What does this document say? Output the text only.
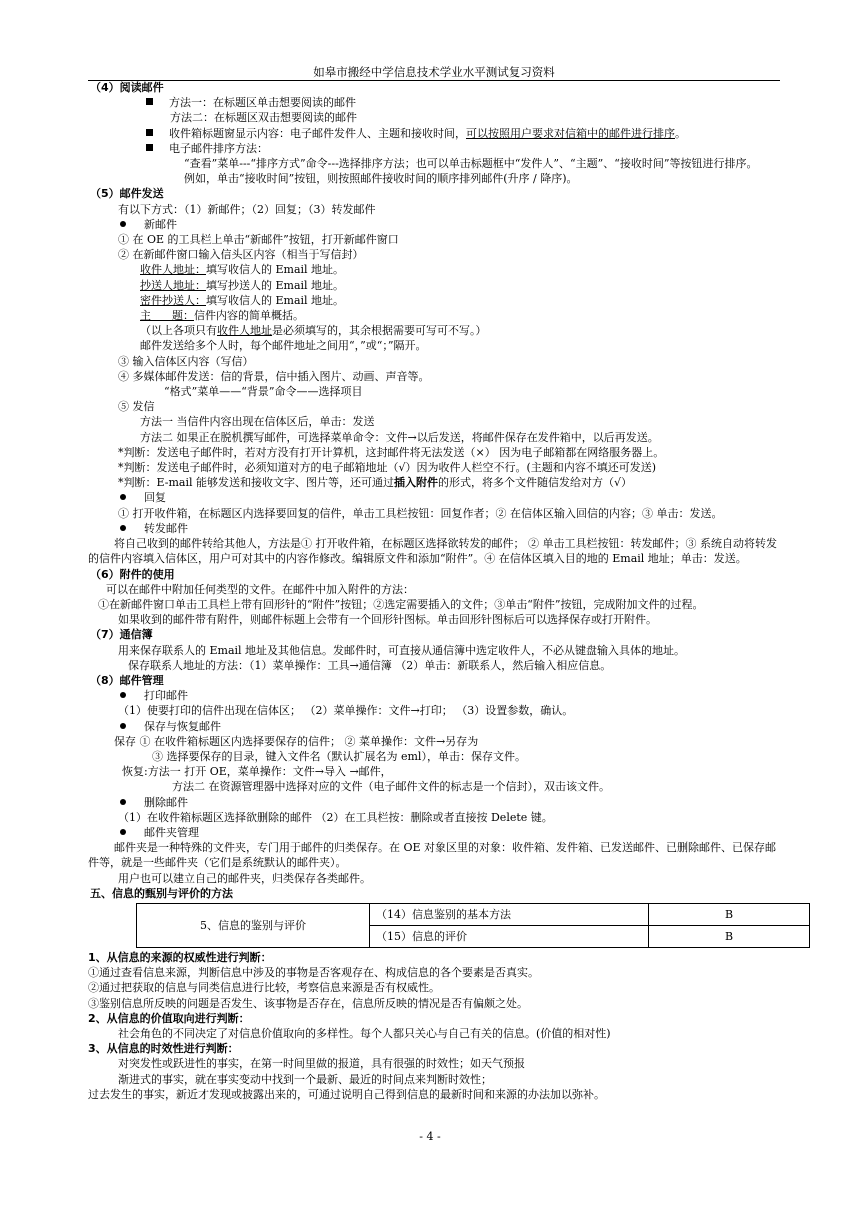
如皋市搬经中学信息技术学业水平测试复习资料
（4）阅读邮件
方法一：在标题区单击想要阅读的邮件
方法二：在标题区双击想要阅读的邮件
收件箱标题窗显示内容：电子邮件发件人、主题和接收时间，可以按照用户要求对信箱中的邮件进行排序。
电子邮件排序方法：
“查看”菜单---“排序方式”命令---选择排序方法；也可以单击标题框中“发件人”、“主题”、“接收时间”等按钮进行排序。
例如，单击“接收时间”按钮，则按照邮件接收时间的顺序排列邮件(升序 / 降序)。
（5）邮件发送
有以下方式：（1）新邮件；（2）回复；（3）转发邮件
新邮件
① 在 OE 的工具栏上单击“新邮件”按钮，打开新邮件窗口
② 在新邮件窗口输入信头区内容（相当于写信封）
收件人地址：填写收信人的 Email 地址。
抄送人地址：填写抄送人的 Email 地址。
密件抄送人：填写收信人的 Email 地址。
主      题：信件内容的简单概括。
（以上各项只有收件人地址是必须填写的，其余根据需要可写可不写。）
邮件发送给多个人时，每个邮件地址之间用“，”或“；”隔开。
③ 输入信体区内容（写信）
④ 多媒体邮件发送：信的背景，信中插入图片、动画、声音等。
“格式”菜单——“背景”命令——选择项目
⑤ 发信
方法一 当信件内容出现在信体区后，单击：发送
方法二 如果正在脱机撰写邮件，可选择菜单命令：文件→以后发送，将邮件保存在发件箱中，以后再发送。
*判断：发送电子邮件时，若对方没有打开计算机，这封邮件将无法发送（×） 因为电子邮箱都在网络服务器上。
*判断：发送电子邮件时，必须知道对方的电子邮箱地址（√）因为收件人栏空不行。(主题和内容不填还可发送)
*判断：E-mail 能够发送和接收文字、图片等，还可通过插入附件的形式，将多个文件随信发给对方（√）
回复
① 打开收件箱，在标题区内选择要回复的信件，单击工具栏按钮：回复作者；② 在信体区输入回信的内容；③ 单击：发送。
转发邮件
将自己收到的邮件转给其他人，方法是① 打开收件箱，在标题区选择欲转发的邮件； ② 单击工具栏按钮：转发邮件；③ 系统自动将转发的信件内容填入信体区，用户可对其中的内容作修改。编辑原文件和添加“附件”。④ 在信体区填入目的地的 Email 地址；单击：发送。
（6）附件的使用
可以在邮件中附加任何类型的文件。在邮件中加入附件的方法：
①在新邮件窗口单击工具栏上带有回形针的“附件”按钮；②选定需要插入的文件；③单击“附件”按钮，完成附加文件的过程。
如果收到的邮件带有附件，则邮件标题上会带有一个回形针图标。单击回形针图标后可以选择保存或打开附件。
（7）通信簿
用来保存联系人的 Email 地址及其他信息。发邮件时，可直接从通信簿中选定收件人，不必从键盘输入具体的地址。
保存联系人地址的方法：（1）菜单操作：工具→通信簿 （2）单击：新联系人，然后输入相应信息。
（8）邮件管理
打印邮件
（1）使要打印的信件出现在信体区； （2）菜单操作：文件→打印； （3）设置参数，确认。
保存与恢复邮件
保存 ① 在收件箱标题区内选择要保存的信件； ② 菜单操作：文件→另存为
③ 选择要保存的目录，键入文件名（默认扩展名为 eml），单击：保存文件。
恢复:方法一 打开 OE，菜单操作：文件→导入 →邮件，
方法二 在资源管理器中选择对应的文件（电子邮件文件的标志是一个信封），双击该文件。
删除邮件
（1）在收件箱标题区选择欲删除的邮件 （2）在工具栏按：删除或者直接按 Delete 键。
邮件夹管理
邮件夹是一种特殊的文件夹，专门用于邮件的归类保存。在 OE 对象区里的对象：收件箱、发件箱、已发送邮件、已删除邮件、已保存邮件等，就是一些邮件夹（它们是系统默认的邮件夹）。
用户也可以建立自己的邮件夹，归类保存各类邮件。
五、信息的甄别与评价的方法
5、信息的鉴别与评价	（14）信息鉴别的基本方法	B
	（15）信息的评价	B
1、从信息的来源的权威性进行判断：
①通过查看信息来源，判断信息中涉及的事物是否客观存在、构成信息的各个要素是否真实。
②通过把获取的信息与同类信息进行比较，考察信息来源是否有权威性。
③鉴别信息所反映的问题是否发生、该事物是否存在，信息所反映的情况是否有偏颇之处。
2、从信息的价值取向进行判断：
社会角色的不同决定了对信息价值取向的多样性。每个人都只关心与自己有关的信息。(价值的相对性)
3、从信息的时效性进行判断：
对突发性或跃进性的事实，在第一时间里做的报道，具有很强的时效性；如天气预报
渐进式的事实，就在事实变动中找到一个最新、最近的时间点来判断时效性；
过去发生的事实，新近才发现或披露出来的，可通过说明自己得到信息的最新时间和来源的办法加以弥补。
- 4 -
